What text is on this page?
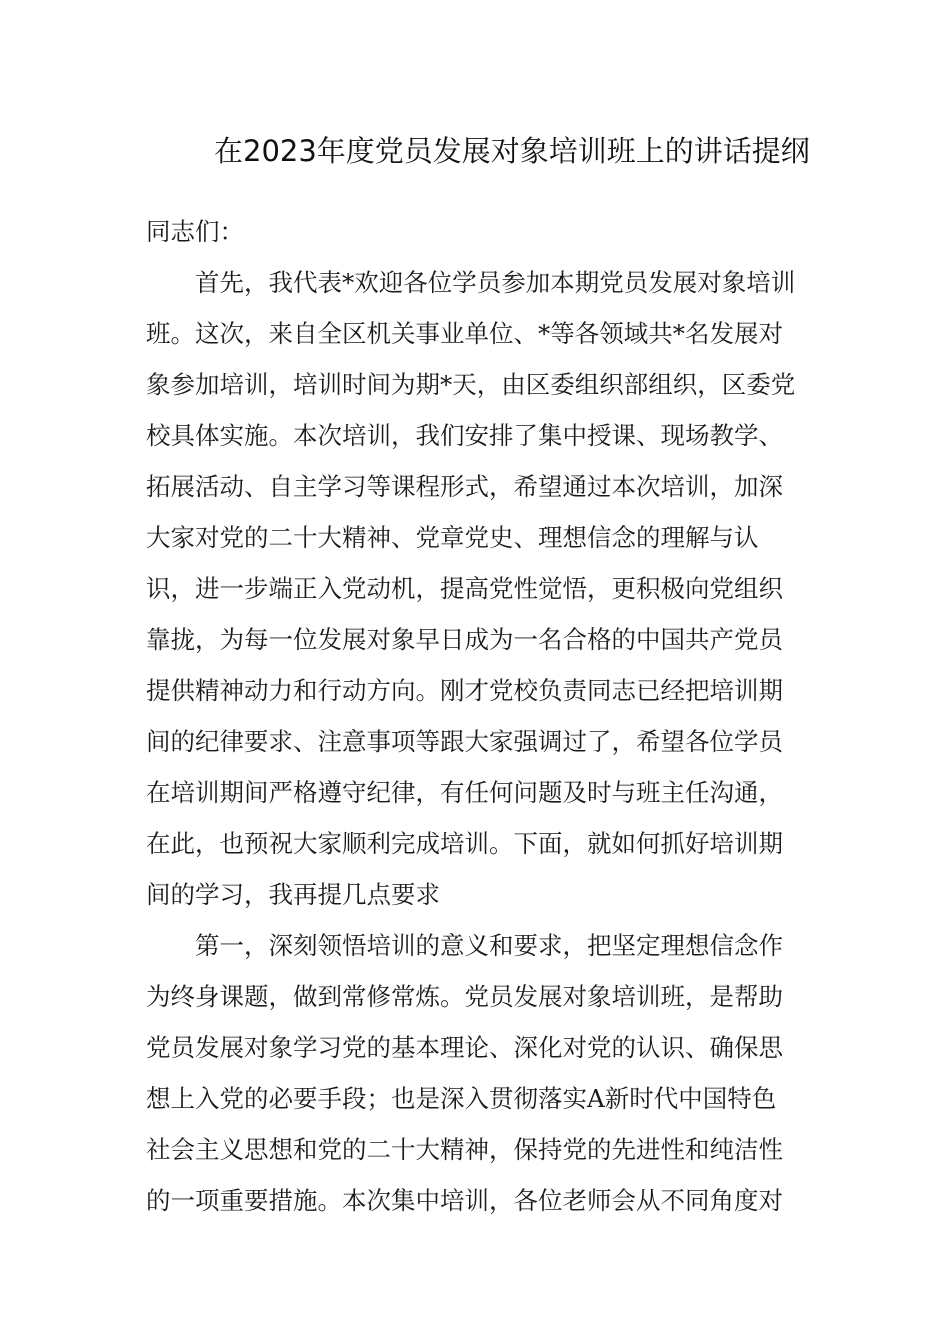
在2023年度党员发展对象培训班上的讲话提纲
同志们：
　　首先，我代表*欢迎各位学员参加本期党员发展对象培训
班。这次，来自全区机关事业单位、*等各领域共*名发展对
象参加培训，培训时间为期*天，由区委组织部组织，区委党
校具体实施。本次培训，我们安排了集中授课、现场教学、
拓展活动、自主学习等课程形式，希望通过本次培训，加深
大家对党的二十大精神、党章党史、理想信念的理解与认
识，进一步端正入党动机，提高党性觉悟，更积极向党组织
靠拢，为每一位发展对象早日成为一名合格的中国共产党员
提供精神动力和行动方向。刚才党校负责同志已经把培训期
间的纪律要求、注意事项等跟大家强调过了，希望各位学员
在培训期间严格遵守纪律，有任何问题及时与班主任沟通，
在此，也预祝大家顺利完成培训。下面，就如何抓好培训期
间的学习，我再提几点要求
　　第一，深刻领悟培训的意义和要求，把坚定理想信念作
为终身课题，做到常修常炼。党员发展对象培训班，是帮助
党员发展对象学习党的基本理论、深化对党的认识、确保思
想上入党的必要手段；也是深入贯彻落实A新时代中国特色
社会主义思想和党的二十大精神，保持党的先进性和纯洁性
的一项重要措施。本次集中培训，各位老师会从不同角度对
